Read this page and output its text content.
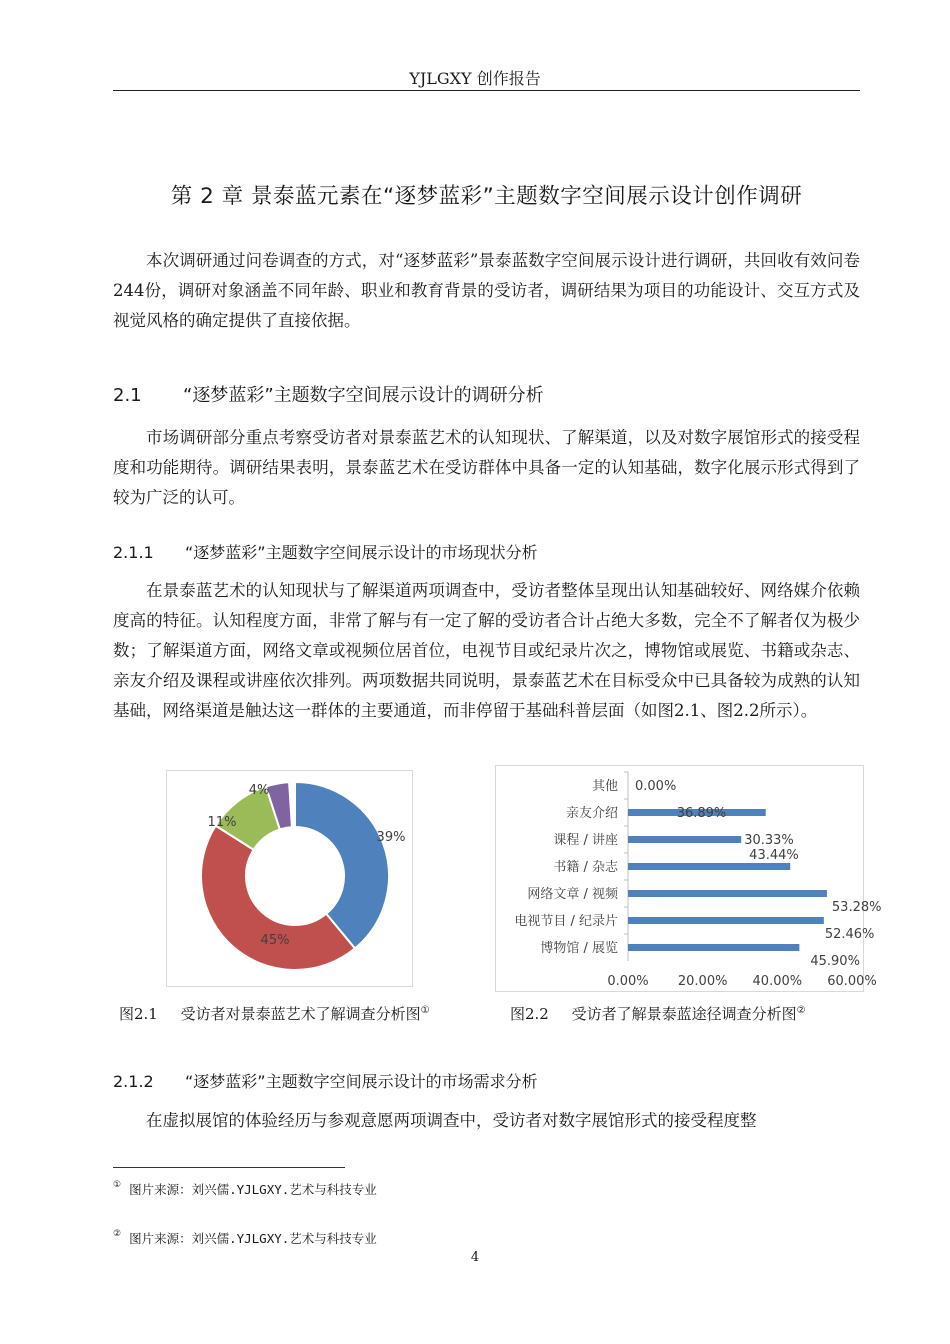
YJLGXY 创作报告
第 2 章 景泰蓝元素在“逐梦蓝彩”主题数字空间展示设计创作调研

本次调研通过问卷调查的方式，对“逐梦蓝彩”景泰蓝数字空间展示设计进行调研，共回收有效问卷244份，调研对象涵盖不同年龄、职业和教育背景的受访者，调研结果为项目的功能设计、交互方式及视觉风格的确定提供了直接依据。

2.1 “逐梦蓝彩”主题数字空间展示设计的调研分析

市场调研部分重点考察受访者对景泰蓝艺术的认知现状、了解渠道，以及对数字展馆形式的接受程度和功能期待。调研结果表明，景泰蓝艺术在受访群体中具备一定的认知基础，数字化展示形式得到了较为广泛的认可。

2.1.1 “逐梦蓝彩”主题数字空间展示设计的市场现状分析

在景泰蓝艺术的认知现状与了解渠道两项调查中，受访者整体呈现出认知基础较好、网络媒介依赖度高的特征。认知程度方面，非常了解与有一定了解的受访者合计占绝大多数，完全不了解者仅为极少数；了解渠道方面，网络文章或视频位居首位，电视节目或纪录片次之，博物馆或展览、书籍或杂志、亲友介绍及课程或讲座依次排列。两项数据共同说明，景泰蓝艺术在目标受众中已具备较为成熟的认知基础，网络渠道是触达这一群体的主要通道，而非停留于基础科普层面（如图2.1、图2.2所示）。

39%
45%
11%
4%	其他 0.00%
亲友介绍	36.89%
课程 / 讲座	30.33%
书籍 / 杂志
43.44%
网络文章 / 视频
53.28%
电视节目 / 纪录片
52.46%
博物馆 / 展览
45.90%
0.00% 20.00% 40.00% 60.00%
图2.1 受访者对景泰蓝艺术了解调查分析图①	图2.2 受访者了解景泰蓝途径调查分析图②
2.1.2 “逐梦蓝彩”主题数字空间展示设计的市场需求分析

在虚拟展馆的体验经历与参观意愿两项调查中，受访者对数字展馆形式的接受程度整

① 图片来源：刘兴儒.YJLGXY.艺术与科技专业
② 图片来源：刘兴儒.YJLGXY.艺术与科技专业
4
